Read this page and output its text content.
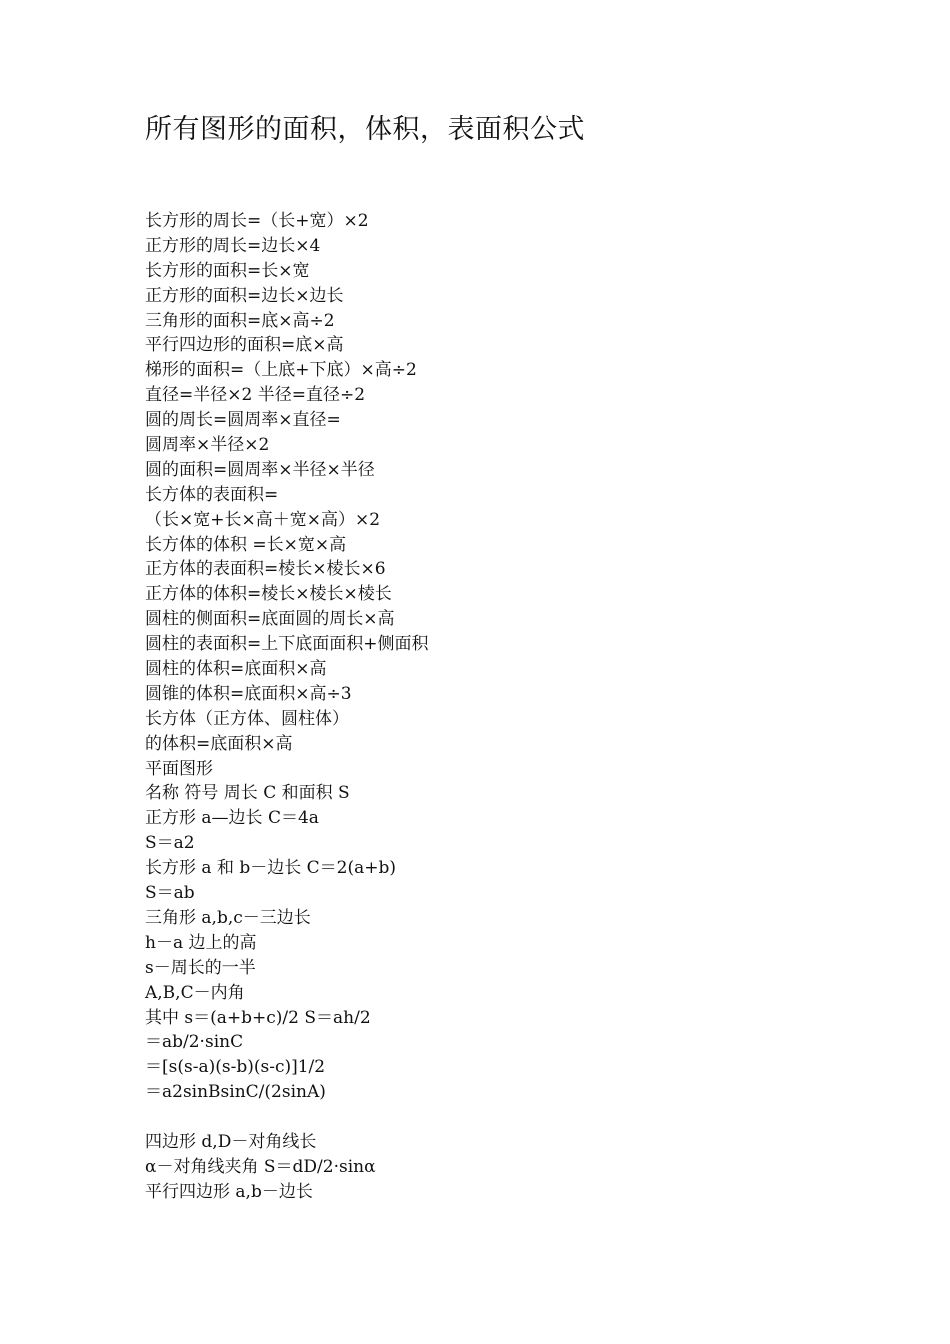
所有图形的面积，体积，表面积公式
长方形的周长=（长+宽）×2
正方形的周长=边长×4
长方形的面积=长×宽
正方形的面积=边长×边长
三角形的面积=底×高÷2
平行四边形的面积=底×高
梯形的面积=（上底+下底）×高÷2
直径=半径×2 半径=直径÷2
圆的周长=圆周率×直径=
圆周率×半径×2
圆的面积=圆周率×半径×半径
长方体的表面积=
（长×宽+长×高＋宽×高）×2
长方体的体积 =长×宽×高
正方体的表面积=棱长×棱长×6
正方体的体积=棱长×棱长×棱长
圆柱的侧面积=底面圆的周长×高
圆柱的表面积=上下底面面积+侧面积
圆柱的体积=底面积×高
圆锥的体积=底面积×高÷3
长方体（正方体、圆柱体）
的体积=底面积×高
平面图形
名称 符号 周长 C 和面积 S
正方形 a—边长 C＝4a
S＝a2
长方形 a 和 b－边长 C＝2(a+b)
S＝ab
三角形 a,b,c－三边长
h－a 边上的高
s－周长的一半
A,B,C－内角
其中 s＝(a+b+c)/2 S＝ah/2
＝ab/2·sinC
＝[s(s-a)(s-b)(s-c)]1/2
＝a2sinBsinC/(2sinA)
四边形 d,D－对角线长
α－对角线夹角 S＝dD/2·sinα
平行四边形 a,b－边长
